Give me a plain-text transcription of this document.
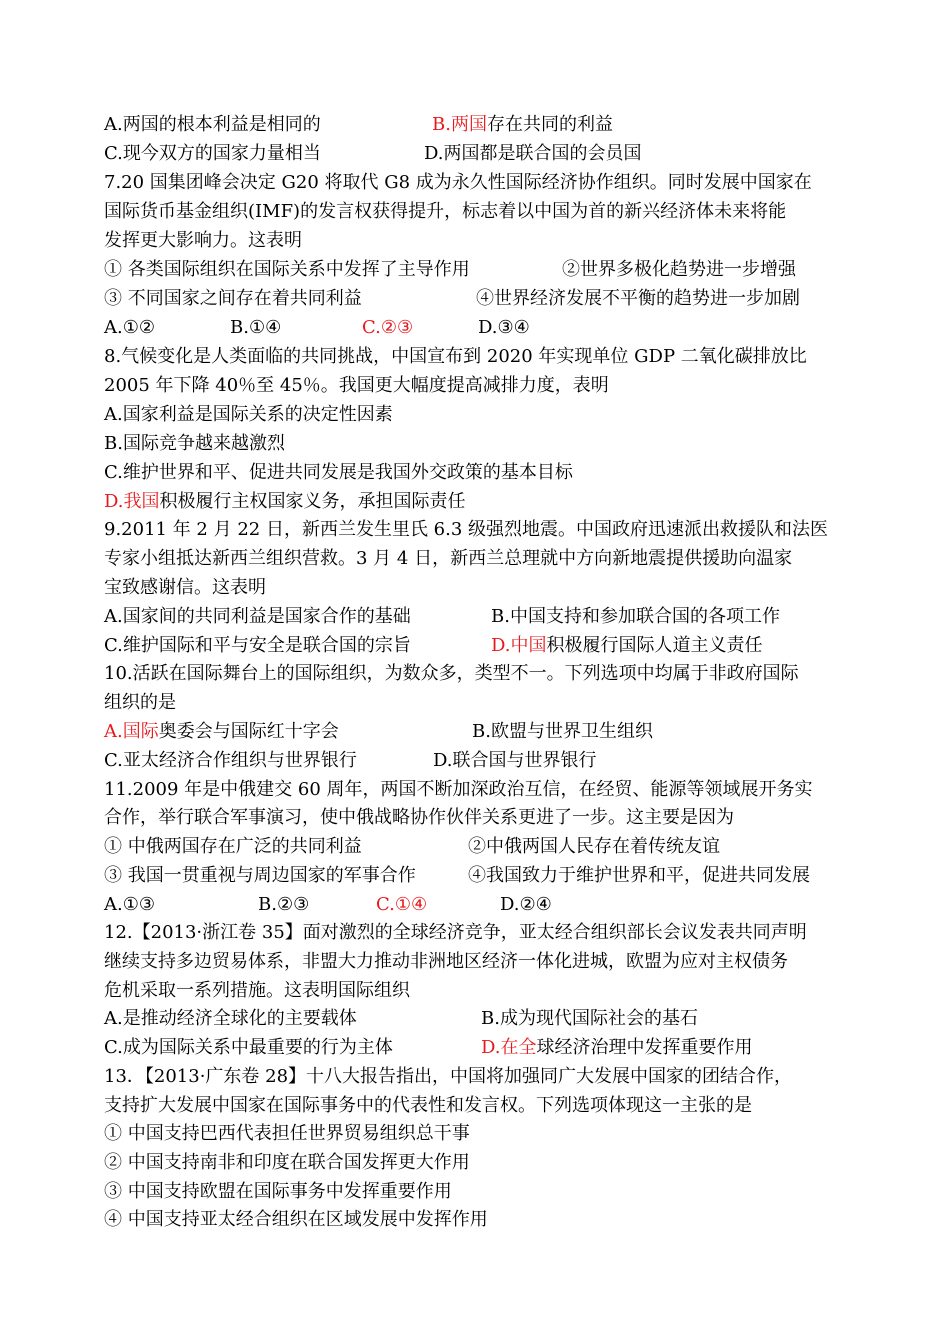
A.两国的根本利益是相同的	B.两国存在共同的利益
C.现今双方的国家力量相当	D.两国都是联合国的会员国
7.20 国集团峰会决定 G20 将取代 G8 成为永久性国际经济协作组织。同时发展中国家在
国际货币基金组织(IMF)的发言权获得提升，标志着以中国为首的新兴经济体未来将能
发挥更大影响力。这表明
① 各类国际组织在国际关系中发挥了主导作用	②世界多极化趋势进一步增强
③ 不同国家之间存在着共同利益	④世界经济发展不平衡的趋势进一步加剧
A.①②	B.①④	C.②③	D.③④
8.气候变化是人类面临的共同挑战，中国宣布到 2020 年实现单位 GDP 二氧化碳排放比
2005 年下降 40％至 45％。我国更大幅度提高减排力度，表明
A.国家利益是国际关系的决定性因素
B.国际竞争越来越激烈
C.维护世界和平、促进共同发展是我国外交政策的基本目标
D.我国积极履行主权国家义务，承担国际责任
9.2011 年 2 月 22 日，新西兰发生里氏 6.3 级强烈地震。中国政府迅速派出救援队和法医
专家小组抵达新西兰组织营救。3 月 4 日，新西兰总理就中方向新地震提供援助向温家
宝致感谢信。这表明
A.国家间的共同利益是国家合作的基础	B.中国支持和参加联合国的各项工作
C.维护国际和平与安全是联合国的宗旨	D.中国积极履行国际人道主义责任
10.活跃在国际舞台上的国际组织，为数众多，类型不一。下列选项中均属于非政府国际
组织的是
A.国际奥委会与国际红十字会	B.欧盟与世界卫生组织
C.亚太经济合作组织与世界银行	D.联合国与世界银行
11.2009 年是中俄建交 60 周年，两国不断加深政治互信，在经贸、能源等领域展开务实
合作，举行联合军事演习，使中俄战略协作伙伴关系更进了一步。这主要是因为
① 中俄两国存在广泛的共同利益	②中俄两国人民存在着传统友谊
③ 我国一贯重视与周边国家的军事合作	④我国致力于维护世界和平，促进共同发展
A.①③	B.②③	C.①④	D.②④
12.【2013·浙江卷 35】面对激烈的全球经济竞争，亚太经合组织部长会议发表共同声明
继续支持多边贸易体系，非盟大力推动非洲地区经济一体化进城，欧盟为应对主权债务
危机采取一系列措施。这表明国际组织
A.是推动经济全球化的主要载体	B.成为现代国际社会的基石
C.成为国际关系中最重要的行为主体	D.在全球经济治理中发挥重要作用
13．【2013·广东卷 28】十八大报告指出，中国将加强同广大发展中国家的团结合作，
支持扩大发展中国家在国际事务中的代表性和发言权。下列选项体现这一主张的是
① 中国支持巴西代表担任世界贸易组织总干事
② 中国支持南非和印度在联合国发挥更大作用
③ 中国支持欧盟在国际事务中发挥重要作用
④ 中国支持亚太经合组织在区域发展中发挥作用
